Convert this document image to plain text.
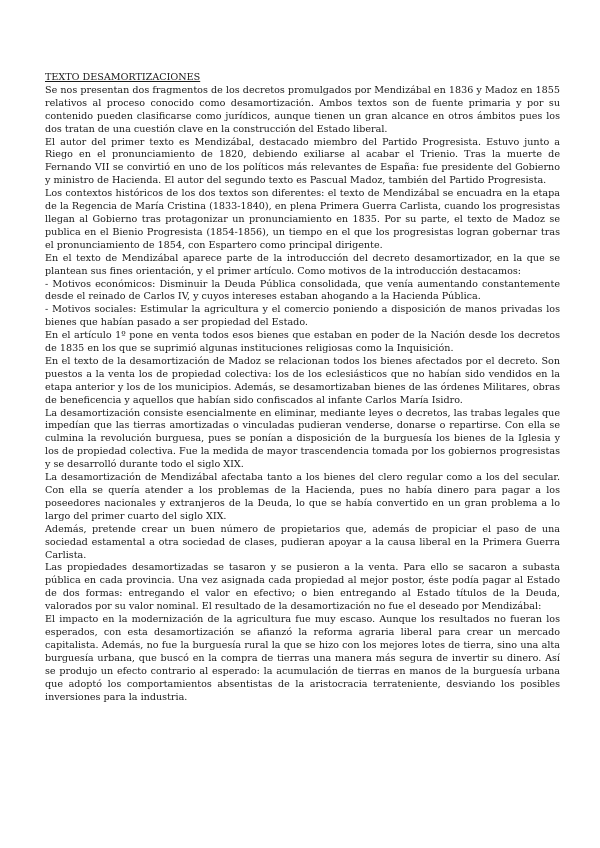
TEXTO DESAMORTIZACIONES

Se nos presentan dos fragmentos de los decretos promulgados por Mendizábal en 1836 y Madoz en 1855 relativos al proceso conocido como desamortización. Ambos textos son de fuente primaria y por su contenido pueden clasificarse como jurídicos, aunque tienen un gran alcance en otros ámbitos pues los dos tratan de una cuestión clave en la construcción del Estado liberal.

El autor del primer texto es Mendizábal, destacado miembro del Partido Progresista. Estuvo junto a Riego en el pronunciamiento de 1820, debiendo exiliarse al acabar el Trienio. Tras la muerte de Fernando VII se convirtió en uno de los políticos más relevantes de España: fue presidente del Gobierno y ministro de Hacienda. El autor del segundo texto es Pascual Madoz, también del Partido Progresista.

Los contextos históricos de los dos textos son diferentes: el texto de Mendizábal se encuadra en la etapa de la Regencia de María Cristina (1833-1840), en plena Primera Guerra Carlista, cuando los progresistas llegan al Gobierno tras protagonizar un pronunciamiento en 1835. Por su parte, el texto de Madoz se publica en el Bienio Progresista (1854-1856), un tiempo en el que los progresistas logran gobernar tras el pronunciamiento de 1854, con Espartero como principal dirigente.

En el texto de Mendizábal aparece parte de la introducción del decreto desamortizador, en la que se plantean sus fines orientación, y el primer artículo. Como motivos de la introducción destacamos:

- Motivos económicos: Disminuir la Deuda Pública consolidada, que venía aumentando constantemente desde el reinado de Carlos IV, y cuyos intereses estaban ahogando a la Hacienda Pública.

- Motivos sociales: Estimular la agricultura y el comercio poniendo a disposición de manos privadas los bienes que habían pasado a ser propiedad del Estado.

En el artículo 1º pone en venta todos esos bienes que estaban en poder de la Nación desde los decretos de 1835 en los que se suprimió algunas instituciones religiosas como la Inquisición.

En el texto de la desamortización de Madoz se relacionan todos los bienes afectados por el decreto. Son puestos a la venta los de propiedad colectiva: los de los eclesiásticos que no habían sido vendidos en la etapa anterior y los de los municipios. Además, se desamortizaban bienes de las órdenes Militares, obras de beneficencia y aquellos que habían sido confiscados al infante Carlos María Isidro.

La desamortización consiste esencialmente en eliminar, mediante leyes o decretos, las trabas legales que impedían que las tierras amortizadas o vinculadas pudieran venderse, donarse o repartirse. Con ella se culmina la revolución burguesa, pues se ponían a disposición de la burguesía los bienes de la Iglesia y los de propiedad colectiva. Fue la medida de mayor trascendencia tomada por los gobiernos progresistas y se desarrolló durante todo el siglo XIX.

La desamortización de Mendizábal afectaba tanto a los bienes del clero regular como a los del secular. Con ella se quería atender a los problemas de la Hacienda, pues no había dinero para pagar a los poseedores nacionales y extranjeros de la Deuda, lo que se había convertido en un gran problema a lo largo del primer cuarto del siglo XIX.

Además, pretende crear un buen número de propietarios que, además de propiciar el paso de una sociedad estamental a otra sociedad de clases, pudieran apoyar a la causa liberal en la Primera Guerra Carlista.

Las propiedades desamortizadas se tasaron y se pusieron a la venta. Para ello se sacaron a subasta pública en cada provincia. Una vez asignada cada propiedad al mejor postor, éste podía pagar al Estado de dos formas: entregando el valor en efectivo; o bien entregando al Estado títulos de la Deuda, valorados por su valor nominal. El resultado de la desamortización no fue el deseado por Mendizábal:

El impacto en la modernización de la agricultura fue muy escaso. Aunque los resultados no fueran los esperados, con esta desamortización se afianzó la reforma agraria liberal para crear un mercado capitalista. Además, no fue la burguesía rural la que se hizo con los mejores lotes de tierra, sino una alta burguesía urbana, que buscó en la compra de tierras una manera más segura de invertir su dinero. Así se produjo un efecto contrario al esperado: la acumulación de tierras en manos de la burguesía urbana que adoptó los comportamientos absentistas de la aristocracia terrateniente, desviando los posibles inversiones para la industria.
